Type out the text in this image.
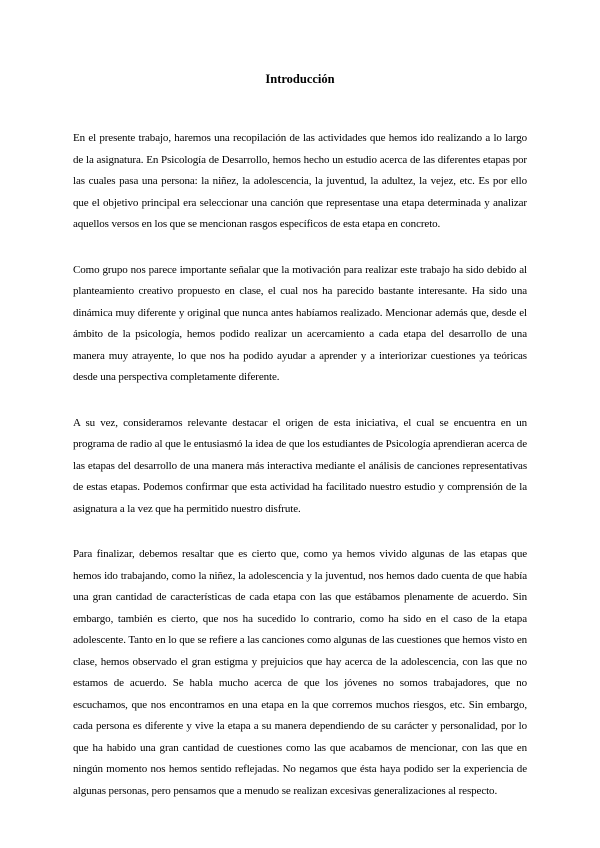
Introducción

En el presente trabajo, haremos una recopilación de las actividades que hemos ido realizando a lo largo de la asignatura. En Psicología de Desarrollo, hemos hecho un estudio acerca de las diferentes etapas por las cuales pasa una persona: la niñez, la adolescencia, la juventud, la adultez, la vejez, etc. Es por ello que el objetivo principal era seleccionar una canción que representase una etapa determinada y analizar aquellos versos en los que se mencionan rasgos específicos de esta etapa en concreto.

Como grupo nos parece importante señalar que la motivación para realizar este trabajo ha sido debido al planteamiento creativo propuesto en clase, el cual nos ha parecido bastante interesante. Ha sido una dinámica muy diferente y original que nunca antes habíamos realizado. Mencionar además que, desde el ámbito de la psicología, hemos podido realizar un acercamiento a cada etapa del desarrollo de una manera muy atrayente, lo que nos ha podido ayudar a aprender y a interiorizar cuestiones ya teóricas desde una perspectiva completamente diferente.

A su vez, consideramos relevante destacar el origen de esta iniciativa, el cual se encuentra en un programa de radio al que le entusiasmó la idea de que los estudiantes de Psicología aprendieran acerca de las etapas del desarrollo de una manera más interactiva mediante el análisis de canciones representativas de estas etapas. Podemos confirmar que esta actividad ha facilitado nuestro estudio y comprensión de la asignatura a la vez que ha permitido nuestro disfrute.

Para finalizar, debemos resaltar que es cierto que, como ya hemos vivido algunas de las etapas que hemos ido trabajando, como la niñez, la adolescencia y la juventud, nos hemos dado cuenta de que había una gran cantidad de características de cada etapa con las que estábamos plenamente de acuerdo. Sin embargo, también es cierto, que nos ha sucedido lo contrario, como ha sido en el caso de la etapa adolescente. Tanto en lo que se refiere a las canciones como algunas de las cuestiones que hemos visto en clase, hemos observado el gran estigma y prejuicios que hay acerca de la adolescencia, con las que no estamos de acuerdo. Se habla mucho acerca de que los jóvenes no somos trabajadores, que no escuchamos, que nos encontramos en una etapa en la que corremos muchos riesgos, etc. Sin embargo, cada persona es diferente y vive la etapa a su manera dependiendo de su carácter y personalidad, por lo que ha habido una gran cantidad de cuestiones como las que acabamos de mencionar, con las que en ningún momento nos hemos sentido reflejadas. No negamos que ésta haya podido ser la experiencia de algunas personas, pero pensamos que a menudo se realizan excesivas generalizaciones al respecto.
